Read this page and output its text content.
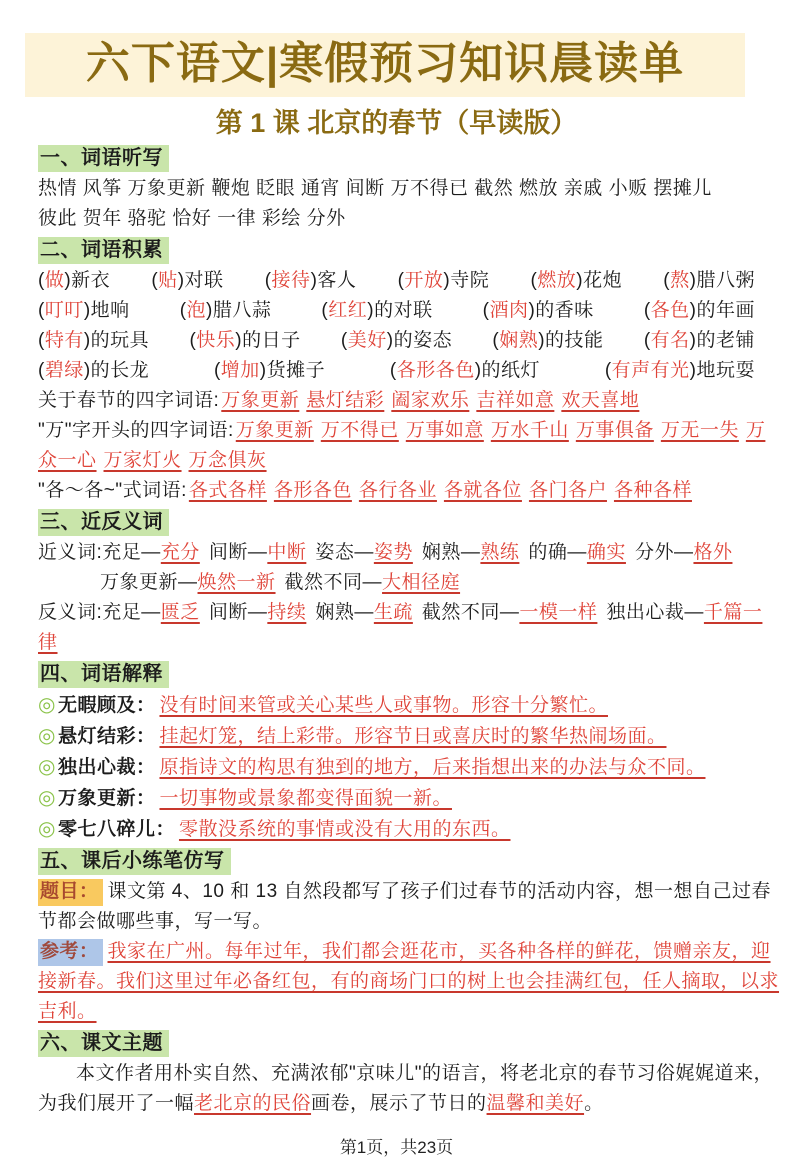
六下语文|寒假预习知识晨读单
第 1 课 北京的春节（早读版）
一、词语听写

热情 风筝 万象更新 鞭炮 眨眼 通宵 间断 万不得已 截然 燃放 亲戚 小贩 摆摊儿

彼此 贺年 骆驼 恰好 一律 彩绘 分外

二、词语积累
(做)新衣 (贴)对联 (接待)客人 (开放)寺院 (燃放)花炮 (熬)腊八粥
(叮叮)地响	(泡)腊八蒜	(红红)的对联	(酒肉)的香味	(各色)的年画
(特有)的玩具 (快乐)的日子 (美好)的姿态 (娴熟)的技能 (有名)的老铺
(碧绿)的长龙	(增加)货摊子	(各形各色)的纸灯	(有声有光)地玩耍

关于春节的四字词语: 万象更新 悬灯结彩 阖家欢乐 吉祥如意 欢天喜地

"万"字开头的四字词语: 万象更新 万不得已 万事如意 万水千山 万事俱备 万无一失 万众一心 万家灯火 万念俱灰

"各～各~"式词语: 各式各样 各形各色 各行各业 各就各位 各门各户 各种各样

三、近反义词

近义词:充足—充分 间断—中断 姿态—姿势 娴熟—熟练 的确—确实 分外—格外

万象更新—焕然一新 截然不同—大相径庭

反义词:充足—匮乏 间断—持续 娴熟—生疏 截然不同—一模一样 独出心裁—千篇一律

四、词语解释

◎ 无暇顾及： 没有时间来管或关心某些人或事物。形容十分繁忙。

◎ 悬灯结彩： 挂起灯笼，结上彩带。形容节日或喜庆时的繁华热闹场面。

◎ 独出心裁： 原指诗文的构思有独到的地方，后来指想出来的办法与众不同。

◎ 万象更新： 一切事物或景象都变得面貌一新。

◎ 零七八碎儿： 零散没系统的事情或没有大用的东西。

五、课后小练笔仿写

题目： 课文第 4、10 和 13 自然段都写了孩子们过春节的活动内容，想一想自己过春节都会做哪些事，写一写。

参考： 我家在广州。每年过年，我们都会逛花市，买各种各样的鲜花，馈赠亲友，迎接新春。我们这里过年必备红包，有的商场门口的树上也会挂满红包，任人摘取，以求吉利。

六、课文主题

本文作者用朴实自然、充满浓郁"京味儿"的语言，将老北京的春节习俗娓娓道来，为我们展开了一幅老北京的民俗画卷，展示了节日的温馨和美好。

第1页，共23页
